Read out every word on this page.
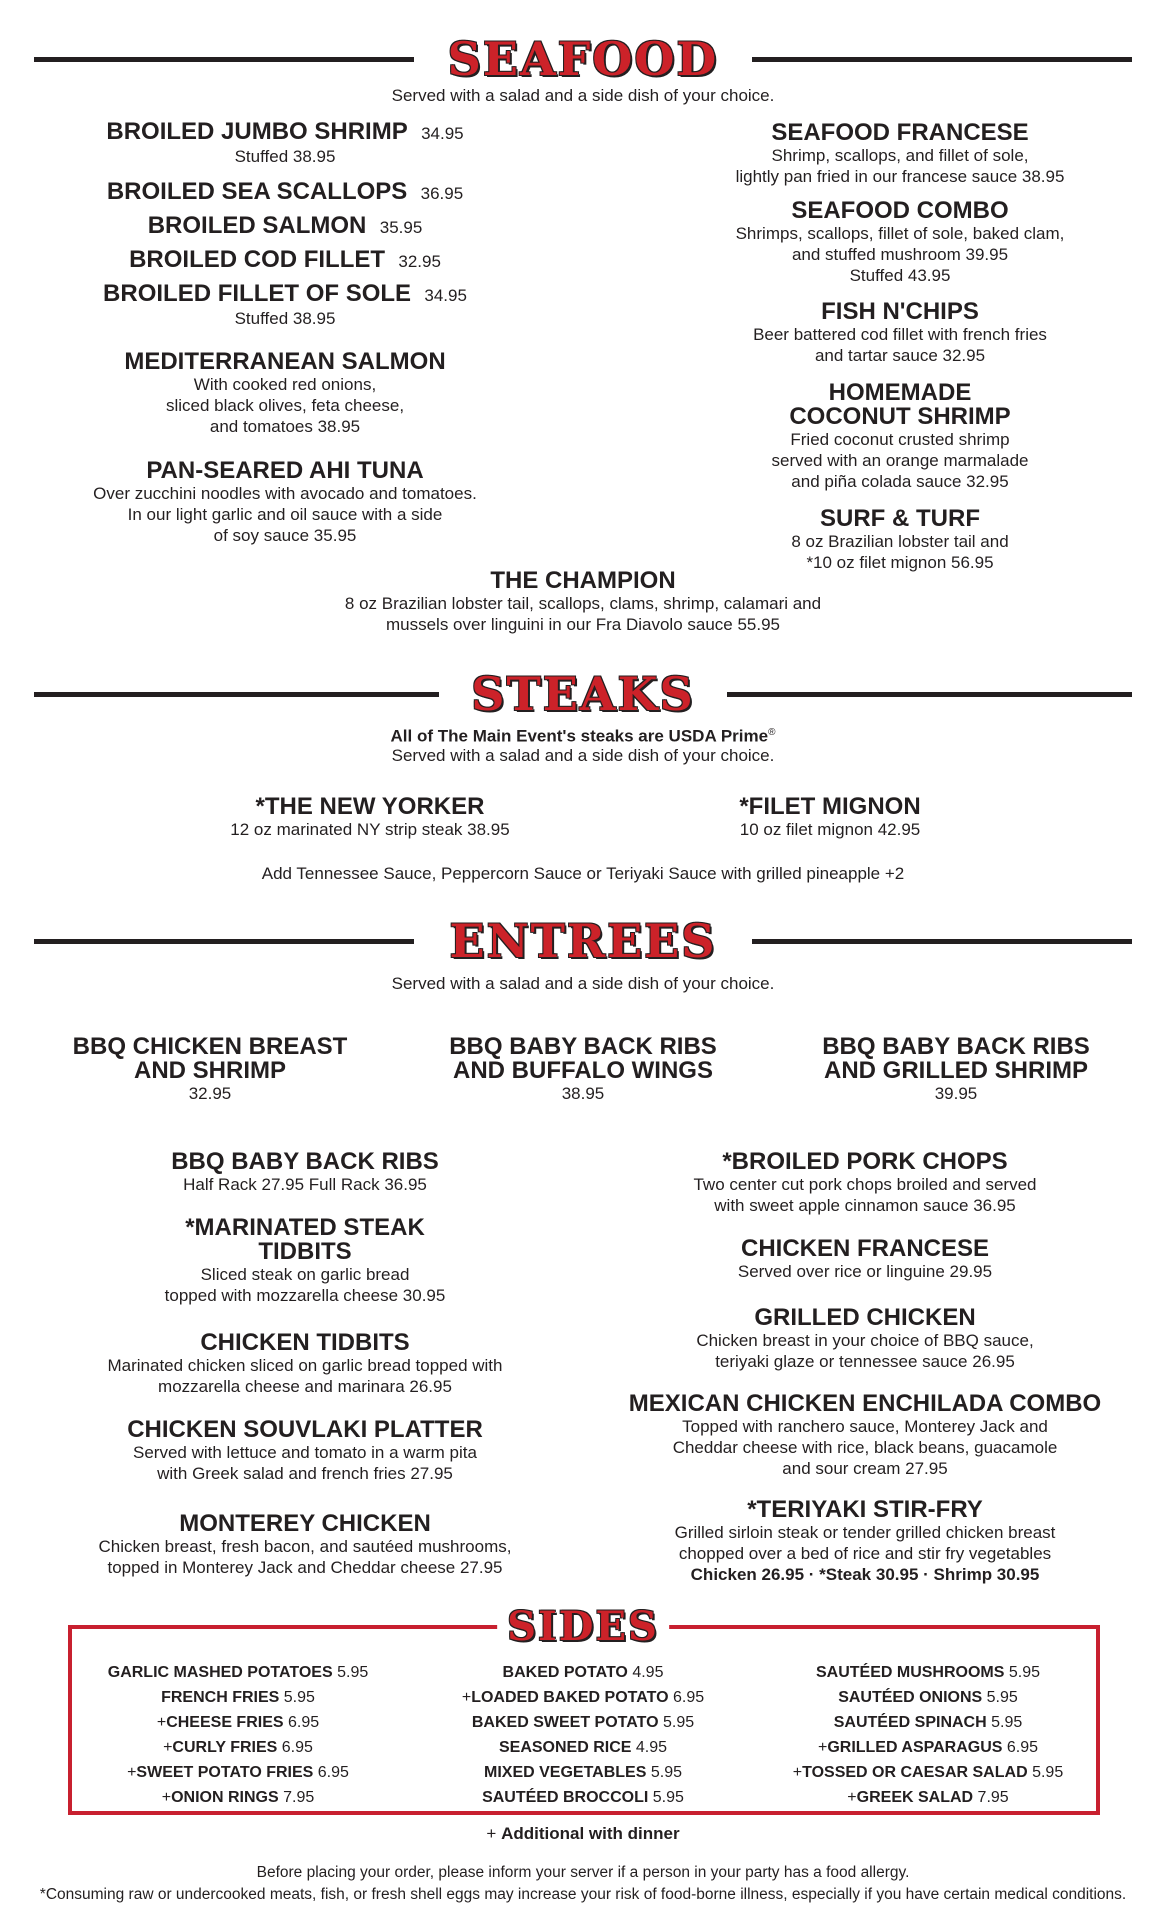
SEAFOOD
Served with a salad and a side dish of your choice.
BROILED JUMBO SHRIMP 34.95
Stuffed 38.95
BROILED SEA SCALLOPS 36.95
BROILED SALMON 35.95
BROILED COD FILLET 32.95
BROILED FILLET OF SOLE 34.95
Stuffed 38.95
MEDITERRANEAN SALMON
With cooked red onions,
sliced black olives, feta cheese,
and tomatoes 38.95
PAN-SEARED AHI TUNA
Over zucchini noodles with avocado and tomatoes.
In our light garlic and oil sauce with a side
of soy sauce 35.95
SEAFOOD FRANCESE
Shrimp, scallops, and fillet of sole,
lightly pan fried in our francese sauce 38.95
SEAFOOD COMBO
Shrimps, scallops, fillet of sole, baked clam,
and stuffed mushroom 39.95
Stuffed 43.95
FISH N'CHIPS
Beer battered cod fillet with french fries
and tartar sauce 32.95
HOMEMADE
COCONUT SHRIMP
Fried coconut crusted shrimp
served with an orange marmalade
and piña colada sauce 32.95
SURF & TURF
8 oz Brazilian lobster tail and
*10 oz filet mignon 56.95
THE CHAMPION
8 oz Brazilian lobster tail, scallops, clams, shrimp, calamari and
mussels over linguini in our Fra Diavolo sauce 55.95
STEAKS
All of The Main Event's steaks are USDA Prime®
Served with a salad and a side dish of your choice.
*THE NEW YORKER
12 oz marinated NY strip steak 38.95
*FILET MIGNON
10 oz filet mignon 42.95
Add Tennessee Sauce, Peppercorn Sauce or Teriyaki Sauce with grilled pineapple +2
ENTREES
Served with a salad and a side dish of your choice.
BBQ CHICKEN BREAST
AND SHRIMP
32.95
BBQ BABY BACK RIBS
AND BUFFALO WINGS
38.95
BBQ BABY BACK RIBS
AND GRILLED SHRIMP
39.95
BBQ BABY BACK RIBS
Half Rack 27.95 Full Rack 36.95
*MARINATED STEAK
TIDBITS
Sliced steak on garlic bread
topped with mozzarella cheese 30.95
CHICKEN TIDBITS
Marinated chicken sliced on garlic bread topped with
mozzarella cheese and marinara 26.95
CHICKEN SOUVLAKI PLATTER
Served with lettuce and tomato in a warm pita
with Greek salad and french fries 27.95
MONTEREY CHICKEN
Chicken breast, fresh bacon, and sautéed mushrooms,
topped in Monterey Jack and Cheddar cheese 27.95
*BROILED PORK CHOPS
Two center cut pork chops broiled and served
with sweet apple cinnamon sauce 36.95
CHICKEN FRANCESE
Served over rice or linguine 29.95
GRILLED CHICKEN
Chicken breast in your choice of BBQ sauce,
teriyaki glaze or tennessee sauce 26.95
MEXICAN CHICKEN ENCHILADA COMBO
Topped with ranchero sauce, Monterey Jack and
Cheddar cheese with rice, black beans, guacamole
and sour cream 27.95
*TERIYAKI STIR-FRY
Grilled sirloin steak or tender grilled chicken breast
chopped over a bed of rice and stir fry vegetables
Chicken 26.95 · *Steak 30.95 · Shrimp 30.95
SIDES
GARLIC MASHED POTATOES 5.95
FRENCH FRIES 5.95
+CHEESE FRIES 6.95
+CURLY FRIES 6.95
+SWEET POTATO FRIES 6.95
+ONION RINGS 7.95
BAKED POTATO 4.95
+LOADED BAKED POTATO 6.95
BAKED SWEET POTATO 5.95
SEASONED RICE 4.95
MIXED VEGETABLES 5.95
SAUTÉED BROCCOLI 5.95
SAUTÉED MUSHROOMS 5.95
SAUTÉED ONIONS 5.95
SAUTÉED SPINACH 5.95
+GRILLED ASPARAGUS 6.95
+TOSSED OR CAESAR SALAD 5.95
+GREEK SALAD 7.95
+ Additional with dinner
Before placing your order, please inform your server if a person in your party has a food allergy.
*Consuming raw or undercooked meats, fish, or fresh shell eggs may increase your risk of food-borne illness, especially if you have certain medical conditions.
